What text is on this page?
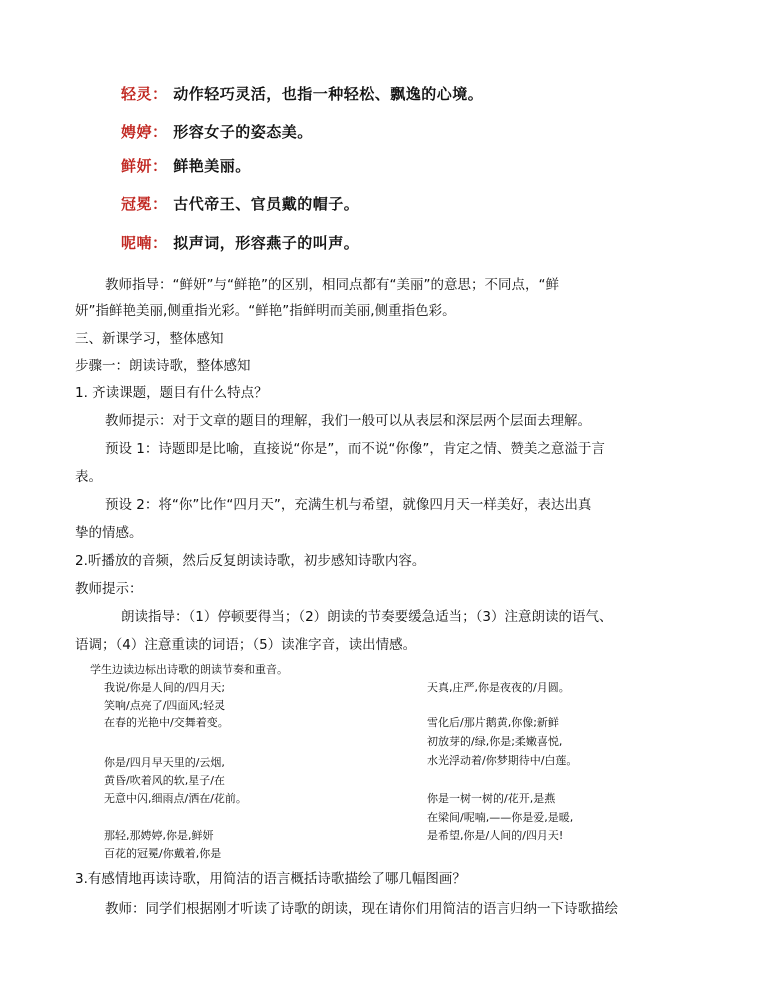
轻灵： 动作轻巧灵活，也指一种轻松、飘逸的心境。
娉婷： 形容女子的姿态美。
鲜妍： 鲜艳美丽。
冠冕： 古代帝王、官员戴的帽子。
呢喃： 拟声词，形容燕子的叫声。
教师指导：“鲜妍”与“鲜艳”的区别，相同点都有“美丽”的意思；不同点，“鲜
妍”指鲜艳美丽,侧重指光彩。“鲜艳”指鲜明而美丽,侧重指色彩。
三、新课学习，整体感知
步骤一：朗读诗歌，整体感知
1. 齐读课题，题目有什么特点？
教师提示：对于文章的题目的理解，我们一般可以从表层和深层两个层面去理解。
预设 1：诗题即是比喻，直接说“你是”，而不说“你像”，肯定之情、赞美之意溢于言
表。
预设 2：将“你”比作“四月天”，充满生机与希望，就像四月天一样美好，表达出真
挚的情感。
2.听播放的音频，然后反复朗读诗歌，初步感知诗歌内容。
教师提示：
朗读指导：（1）停顿要得当；（2）朗读的节奏要缓急适当；（3）注意朗读的语气、
语调；（4）注意重读的词语；（5）读准字音，读出情感。
学生边读边标出诗歌的朗读节奏和重音。
我说/你是人间的/四月天;
笑响/点亮了/四面风;轻灵
在春的光艳中/交舞着变。
你是/四月早天里的/云烟,
黄昏/吹着风的软,星子/在
无意中闪,细雨点/洒在/花前。
那轻,那娉婷,你是,鲜妍
百花的冠冕/你戴着,你是
天真,庄严,你是夜夜的/月圆。
雪化后/那片鹅黄,你像;新鲜
初放芽的/绿,你是;柔嫩喜悦,
水光浮动着/你梦期待中/白莲。
你是一树一树的/花开,是燕
在梁间/呢喃,——你是爱,是暖,
是希望,你是/人间的/四月天!
3.有感情地再读诗歌，用简洁的语言概括诗歌描绘了哪几幅图画？
教师：同学们根据刚才听读了诗歌的朗读，现在请你们用简洁的语言归纳一下诗歌描绘
